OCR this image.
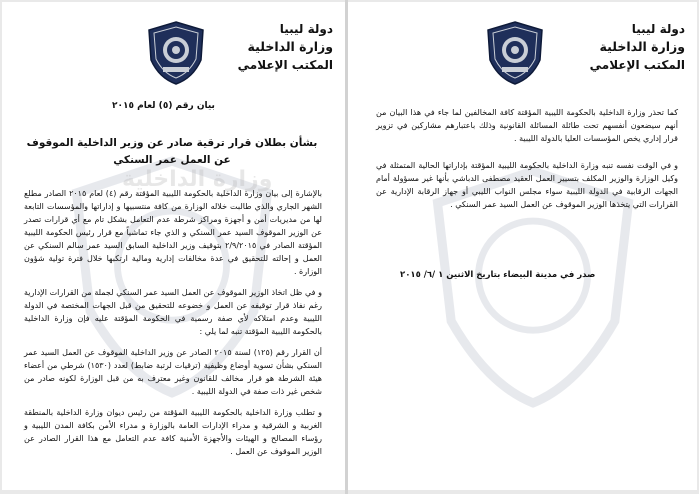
وزارة الداخلية
دولة ليبيا
وزارة الداخلية
المكتب الإعلامي
بيان رقم (٥) لعام ٢٠١٥
بشأن بطلان قرار ترقية صادر عن وزير الداخلية الموقوف عن العمل عمر السنكي

بالإشارة إلى بيان وزارة الداخلية بالحكومة الليبية المؤقتة رقم (٤) لعام ٢٠١٥ الصادر مطلع الشهر الجاري والذي طالبت خلاله الوزارة من كافة منتسبيها و إداراتها والمؤسسات التابعة لها من مديريات أمن و أجهزة ومراكز شرطة عدم التعامل بشكل تام مع أي قرارات تصدر عن الوزير الموقوف السيد عمر السنكي و الذي جاء تماشياً مع قرار رئيس الحكومة الليبية المؤقتة الصادر في ٢/٩/٢٠١٥ بتوقيف وزير الداخلية السابق السيد عمر سالم السنكي عن العمل و إحالته للتحقيق في عدة مخالفات إدارية ومالية ارتكبها خلال فترة تولية شؤون الوزارة .

و في ظل اتخاذ الوزير الموقوف عن العمل السيد عمر السنكي لجملة من القرارات الإدارية رغم نفاذ قرار توقيفه عن العمل و خضوعه للتحقيق من قبل الجهات المختصة في الدولة الليبية وعدم امتلاكه لأي صفة رسمية في الحكومة المؤقتة عليه فإن وزارة الداخلية بالحكومة الليبية المؤقتة تنبه لما يلي :

أن القرار رقم (١٢٥) لسنة ٢٠١٥ الصادر عن وزير الداخلية الموقوف عن العمل السيد عمر السنكي بشأن تسوية أوضاع وظيفية (ترقيات لرتبة ضابط) لعدد (١٥٣٠) شرطي من أعضاء هيئة الشرطة هو قرار مخالف للقانون وغير معترف به من قبل الوزارة لكونه صادر من شخص غير ذات صفة في الدولة الليبية .

و تطلب وزارة الداخلية بالحكومة الليبية المؤقتة من رئيس ديوان وزارة الداخلية بالمنطقة الغربية و الشرقية و مدراء الإدارات العامة بالوزارة و مدراء الأمن بكافة المدن الليبية و رؤساء المصالح و الهيئات والأجهزة الأمنية كافة عدم التعامل مع هذا القرار الصادر عن الوزير الموقوف عن العمل .

دولة ليبيا
وزارة الداخلية
المكتب الإعلامي

كما تحذر وزارة الداخلية بالحكومة الليبية المؤقتة كافة المخالفين لما جاء في هذا البيان من أنهم سيضعون أنفسهم تحت طائلة المسائلة القانونية وذلك باعتبارهم مشاركين في تزوير قرار إداري يخص المؤسسات العليا بالدولة الليبية .

و في الوقت نفسه تنبه وزارة الداخلية بالحكومة الليبية المؤقتة بإداراتها الحالية المتمثلة في وكيل الوزارة والوزير المكلف بتسيير العمل العقيد مصطفى الدباشي بأنها غير مسؤولة أمام الجهات الرقابية في الدولة الليبية سواء مجلس النواب الليبي أو جهاز الرقابة الإدارية عن القرارات التي يتخذها الوزير الموقوف عن العمل السيد عمر السنكي .

صدر في مدينة البيضاء بتاريخ الاثنين ١ /٦/ ٢٠١٥
